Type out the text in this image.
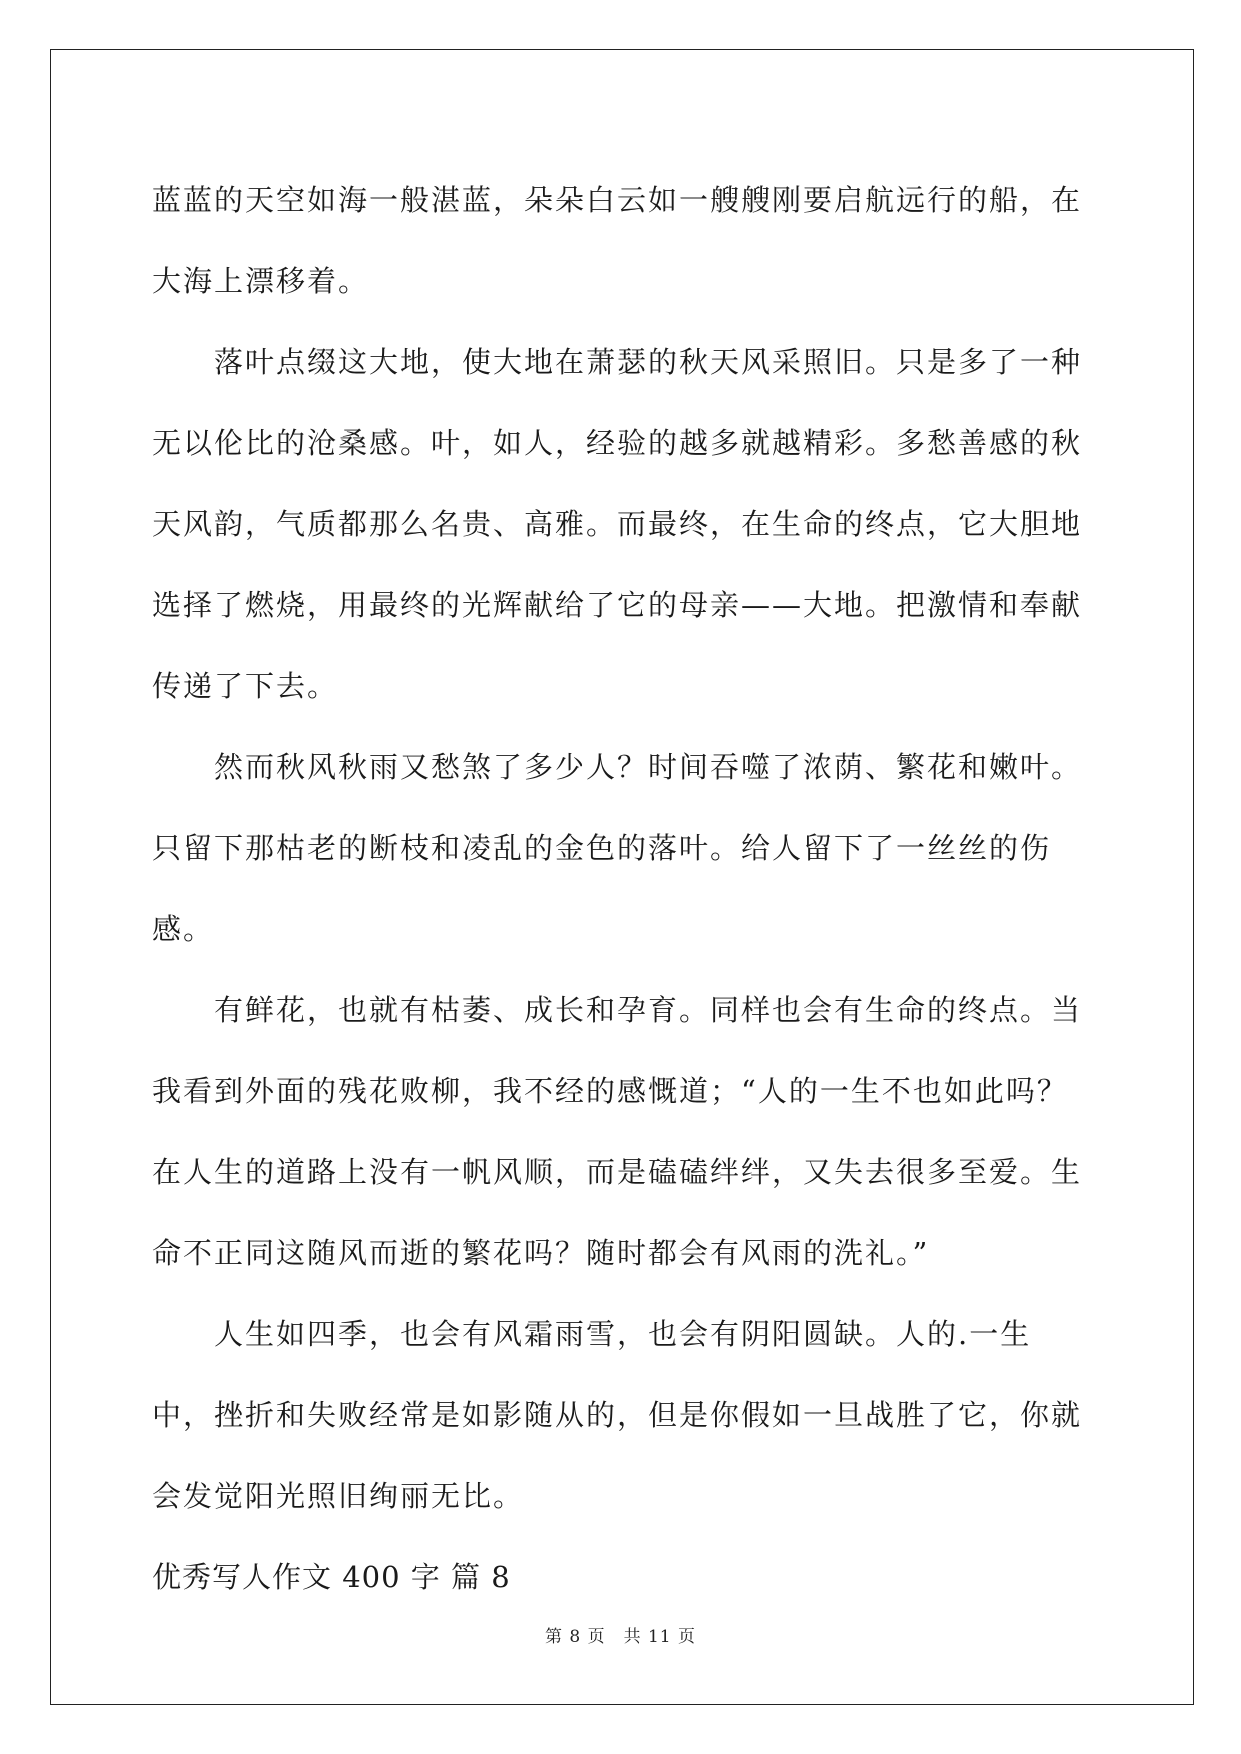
蓝蓝的天空如海一般湛蓝，朵朵白云如一艘艘刚要启航远行的船，在大海上漂移着。

落叶点缀这大地，使大地在萧瑟的秋天风采照旧。只是多了一种无以伦比的沧桑感。叶，如人，经验的越多就越精彩。多愁善感的秋天风韵，气质都那么名贵、高雅。而最终，在生命的终点，它大胆地选择了燃烧，用最终的光辉献给了它的母亲——大地。把激情和奉献传递了下去。

然而秋风秋雨又愁煞了多少人？时间吞噬了浓荫、繁花和嫩叶。只留下那枯老的断枝和凌乱的金色的落叶。给人留下了一丝丝的伤感。

有鲜花，也就有枯萎、成长和孕育。同样也会有生命的终点。当我看到外面的残花败柳，我不经的感慨道；“人的一生不也如此吗？在人生的道路上没有一帆风顺，而是磕磕绊绊，又失去很多至爱。生命不正同这随风而逝的繁花吗？随时都会有风雨的洗礼。”

人生如四季，也会有风霜雨雪，也会有阴阳圆缺。人的.一生中，挫折和失败经常是如影随从的，但是你假如一旦战胜了它，你就会发觉阳光照旧绚丽无比。

优秀写人作文 400 字 篇 8

第 8 页 共 11 页
